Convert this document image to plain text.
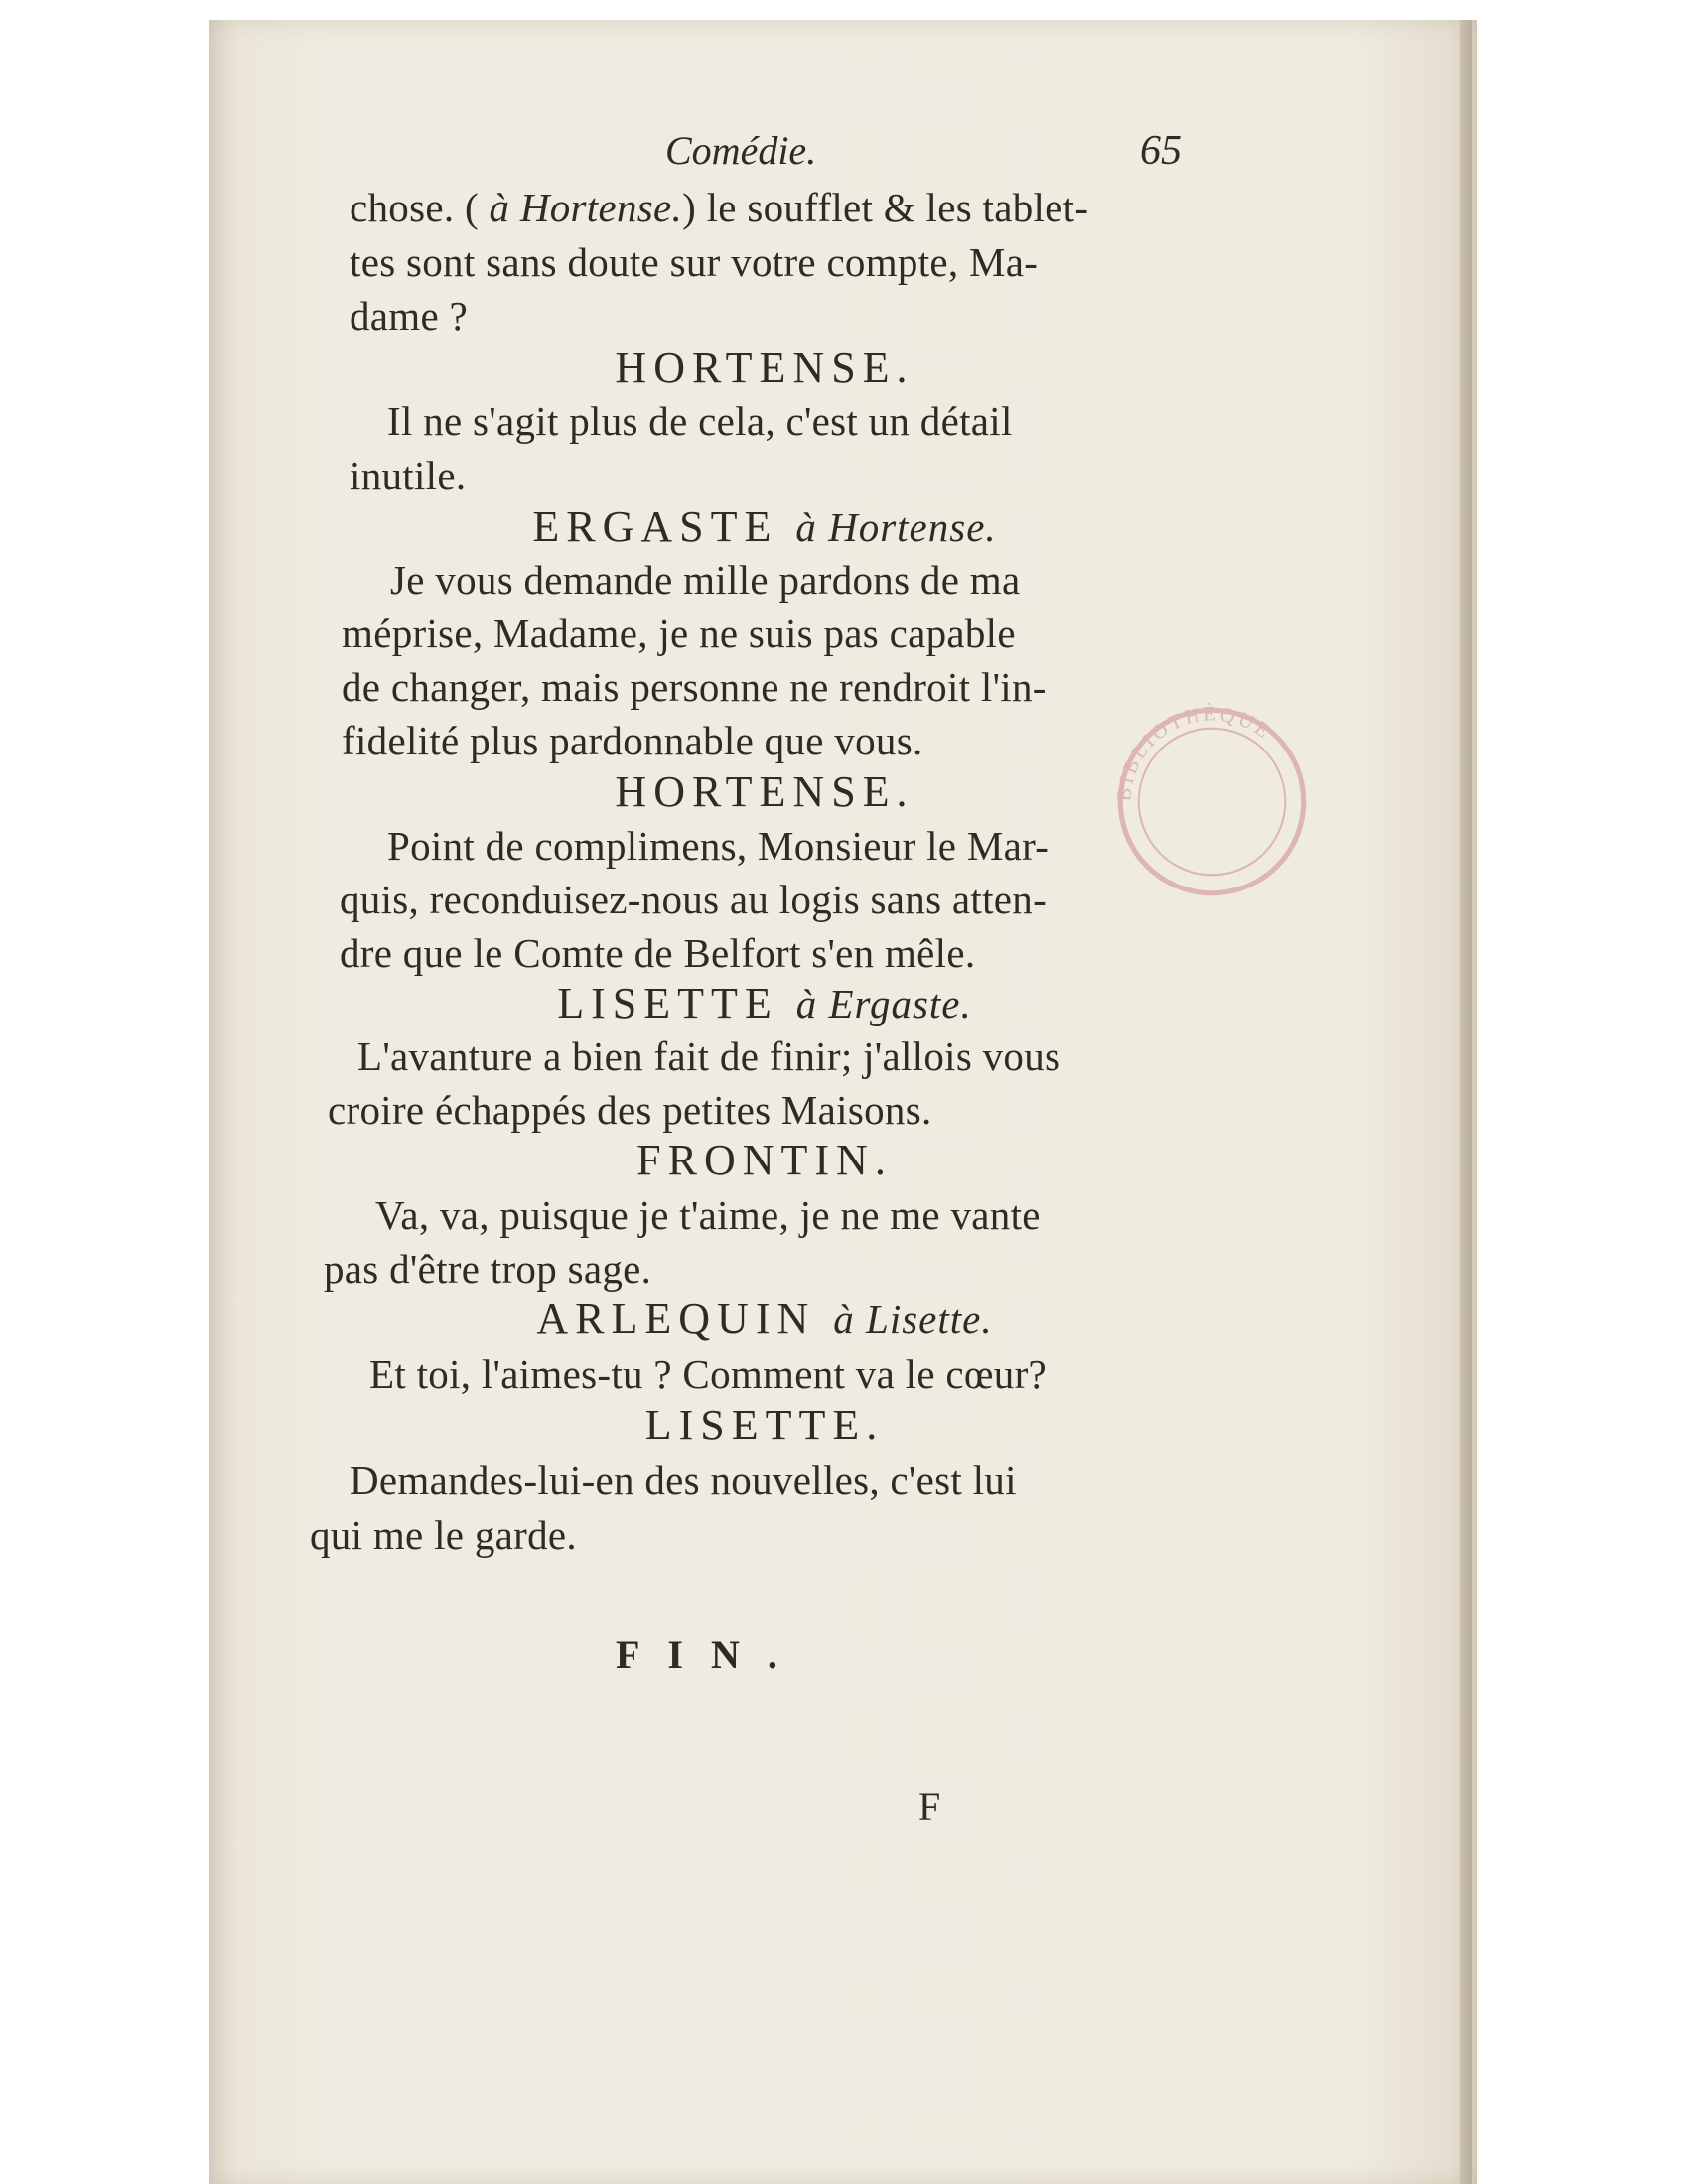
Comédie.	65
chose. ( à Hortense.) le soufflet & les tablet-
tes sont sans doute sur votre compte, Ma-
dame ?
HORTENSE.
Il ne s'agit plus de cela, c'est un détail
inutile.
ERGASTE à Hortense.
Je vous demande mille pardons de ma
méprise, Madame, je ne suis pas capable
de changer, mais personne ne rendroit l'in-
fidelité plus pardonnable que vous.
HORTENSE.
Point de complimens, Monsieur le Mar-
quis, reconduisez-nous au logis sans atten-
dre que le Comte de Belfort s'en mêle.
LISETTE à Ergaste.
L'avanture a bien fait de finir; j'allois vous
croire échappés des petites Maisons.
FRONTIN.
Va, va, puisque je t'aime, je ne me vante
pas d'être trop sage.
ARLEQUIN à Lisette.
Et toi, l'aimes-tu ? Comment va le cœur?
LISETTE.
Demandes-lui-en des nouvelles, c'est lui
qui me le garde.
FIN.
F
BIBLIOTHÈQUE
